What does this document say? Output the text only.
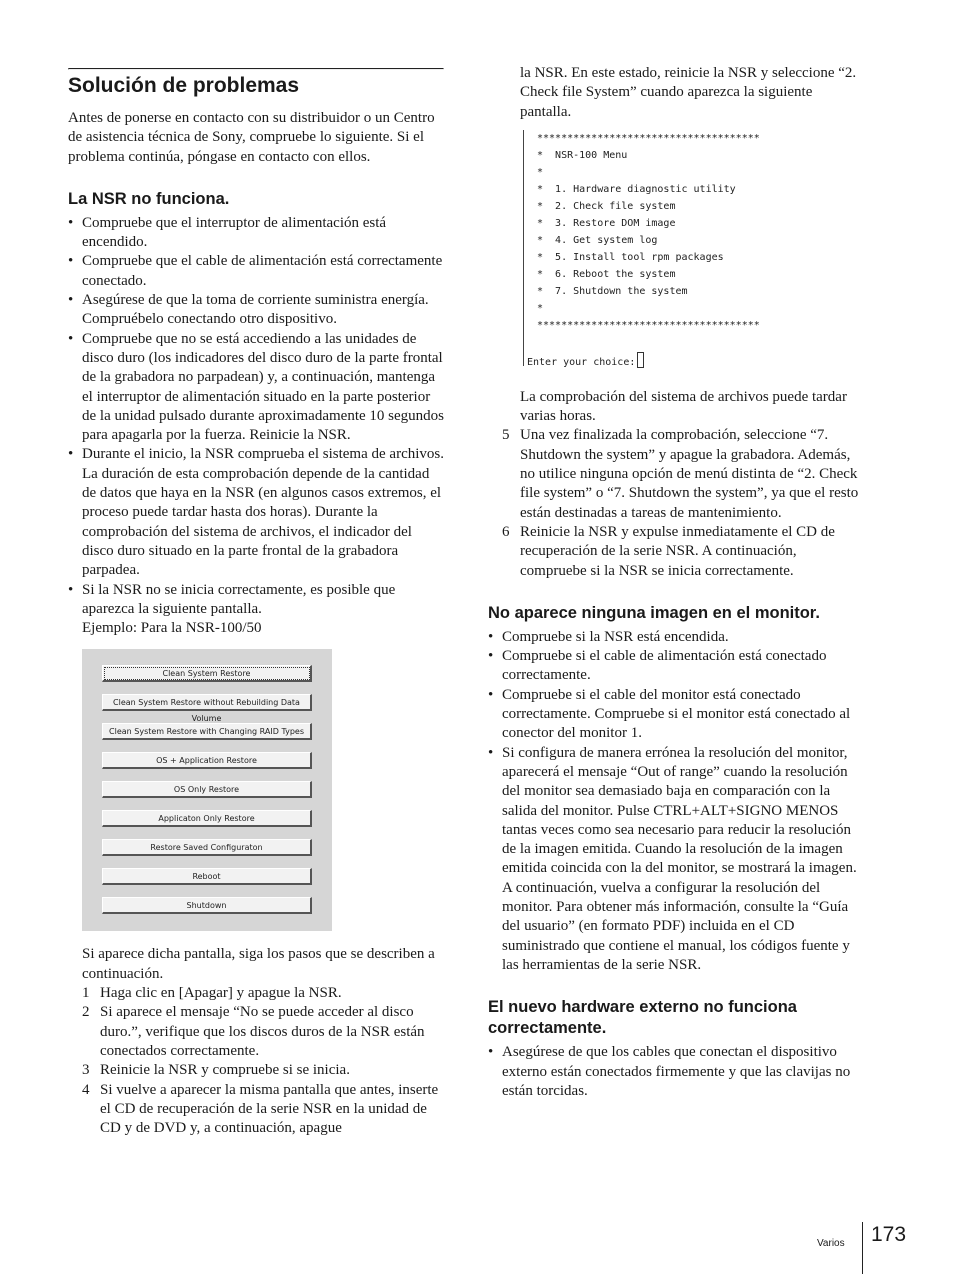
Solución de problemas

Antes de ponerse en contacto con su distribuidor o un Centro de asistencia técnica de Sony, compruebe lo siguiente. Si el problema continúa, póngase en contacto con ellos.

La NSR no funciona.
• Compruebe que el interruptor de alimentación está encendido.
• Compruebe que el cable de alimentación está correctamente conectado.
• Asegúrese de que la toma de corriente suministra energía. Compruébelo conectando otro dispositivo.
• Compruebe que no se está accediendo a las unidades de disco duro (los indicadores del disco duro de la parte frontal de la grabadora no parpadean) y, a continuación, mantenga el interruptor de alimentación situado en la parte posterior de la unidad pulsado durante aproximadamente 10 segundos para apagarla por la fuerza. Reinicie la NSR.
• Durante el inicio, la NSR comprueba el sistema de archivos. La duración de esta comprobación depende de la cantidad de datos que haya en la NSR (en algunos casos extremos, el proceso puede tardar hasta dos horas). Durante la comprobación del sistema de archivos, el indicador del disco duro situado en la parte frontal de la grabadora parpadea.
• Si la NSR no se inicia correctamente, es posible que aparezca la siguiente pantalla.

Ejemplo: Para la NSR-100/50

Clean System Restore
Clean System Restore without Rebuilding Data Volume
Clean System Restore with Changing RAID Types
OS + Application Restore
OS Only Restore
Applicaton Only Restore
Restore Saved Configuraton
Reboot
Shutdown

Si aparece dicha pantalla, siga los pasos que se describen a continuación.

1 Haga clic en [Apagar] y apague la NSR.
2 Si aparece el mensaje “No se puede acceder al disco duro.”, verifique que los discos duros de la NSR están conectados correctamente.
3 Reinicie la NSR y compruebe si se inicia.
4 Si vuelve a aparecer la misma pantalla que antes, inserte el CD de recuperación de la serie NSR en la unidad de CD y de DVD y, a continuación, apague

la NSR. En este estado, reinicie la NSR y seleccione “2. Check file System” cuando aparezca la siguiente pantalla.

*************************************
*  NSR-100 Menu
*
*  1. Hardware diagnostic utility
*  2. Check file system
*  3. Restore DOM image
*  4. Get system log
*  5. Install tool rpm packages
*  6. Reboot the system
*  7. Shutdown the system
*
*************************************
Enter your choice:

La comprobación del sistema de archivos puede tardar varias horas.

5 Una vez finalizada la comprobación, seleccione “7. Shutdown the system” y apague la grabadora. Además, no utilice ninguna opción de menú distinta de “2. Check file system” o “7. Shutdown the system”, ya que el resto están destinadas a tareas de mantenimiento.
6 Reinicie la NSR y expulse inmediatamente el CD de recuperación de la serie NSR. A continuación, compruebe si la NSR se inicia correctamente.
No aparece ninguna imagen en el monitor.
• Compruebe si la NSR está encendida.
• Compruebe si el cable de alimentación está conectado correctamente.
• Compruebe si el cable del monitor está conectado correctamente. Compruebe si el monitor está conectado al conector del monitor 1.
• Si configura de manera errónea la resolución del monitor, aparecerá el mensaje “Out of range” cuando la resolución del monitor sea demasiado baja en comparación con la salida del monitor. Pulse CTRL+ALT+SIGNO MENOS tantas veces como sea necesario para reducir la resolución de la imagen emitida. Cuando la resolución de la imagen emitida coincida con la del monitor, se mostrará la imagen. A continuación, vuelva a configurar la resolución del monitor. Para obtener más información, consulte la “Guía del usuario” (en formato PDF) incluida en el CD suministrado que contiene el manual, los códigos fuente y las herramientas de la serie NSR.
El nuevo hardware externo no funciona correctamente.
• Asegúrese de que los cables que conectan el dispositivo externo están conectados firmemente y que las clavijas no están torcidas.
Varios 173
